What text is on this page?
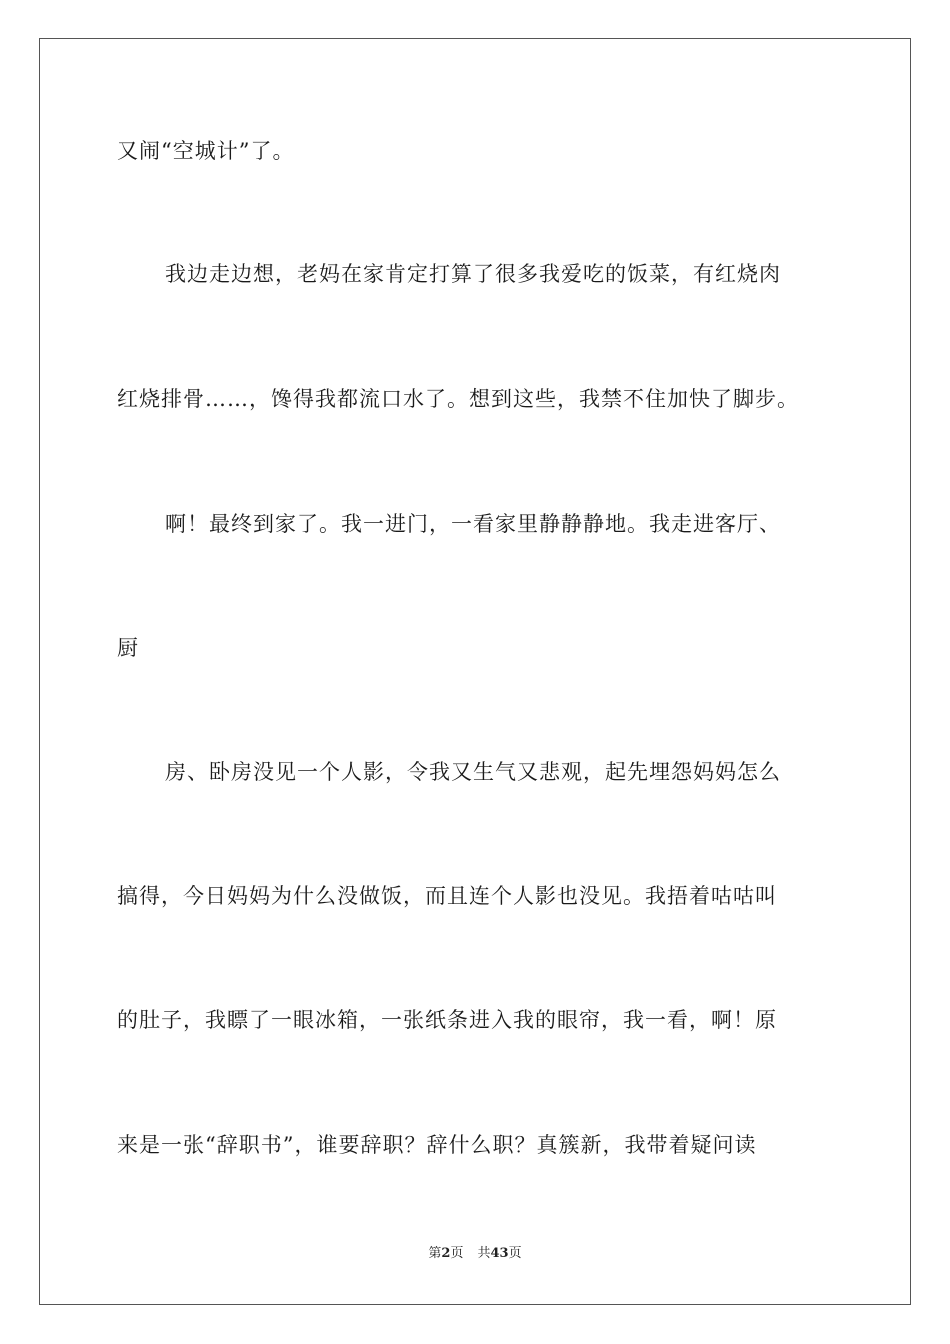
又闹“空城计”了。
我边走边想，老妈在家肯定打算了很多我爱吃的饭菜，有红烧肉
红烧排骨……，馋得我都流口水了。想到这些，我禁不住加快了脚步。
啊！最终到家了。我一进门，一看家里静静静地。我走进客厅、
厨
房、卧房没见一个人影，令我又生气又悲观，起先埋怨妈妈怎么
搞得，今日妈妈为什么没做饭，而且连个人影也没见。我捂着咕咕叫
的肚子，我瞟了一眼冰箱，一张纸条进入我的眼帘，我一看，啊！原
来是一张“辞职书”，谁要辞职？辞什么职？真簇新，我带着疑问读
第2页 共43页
